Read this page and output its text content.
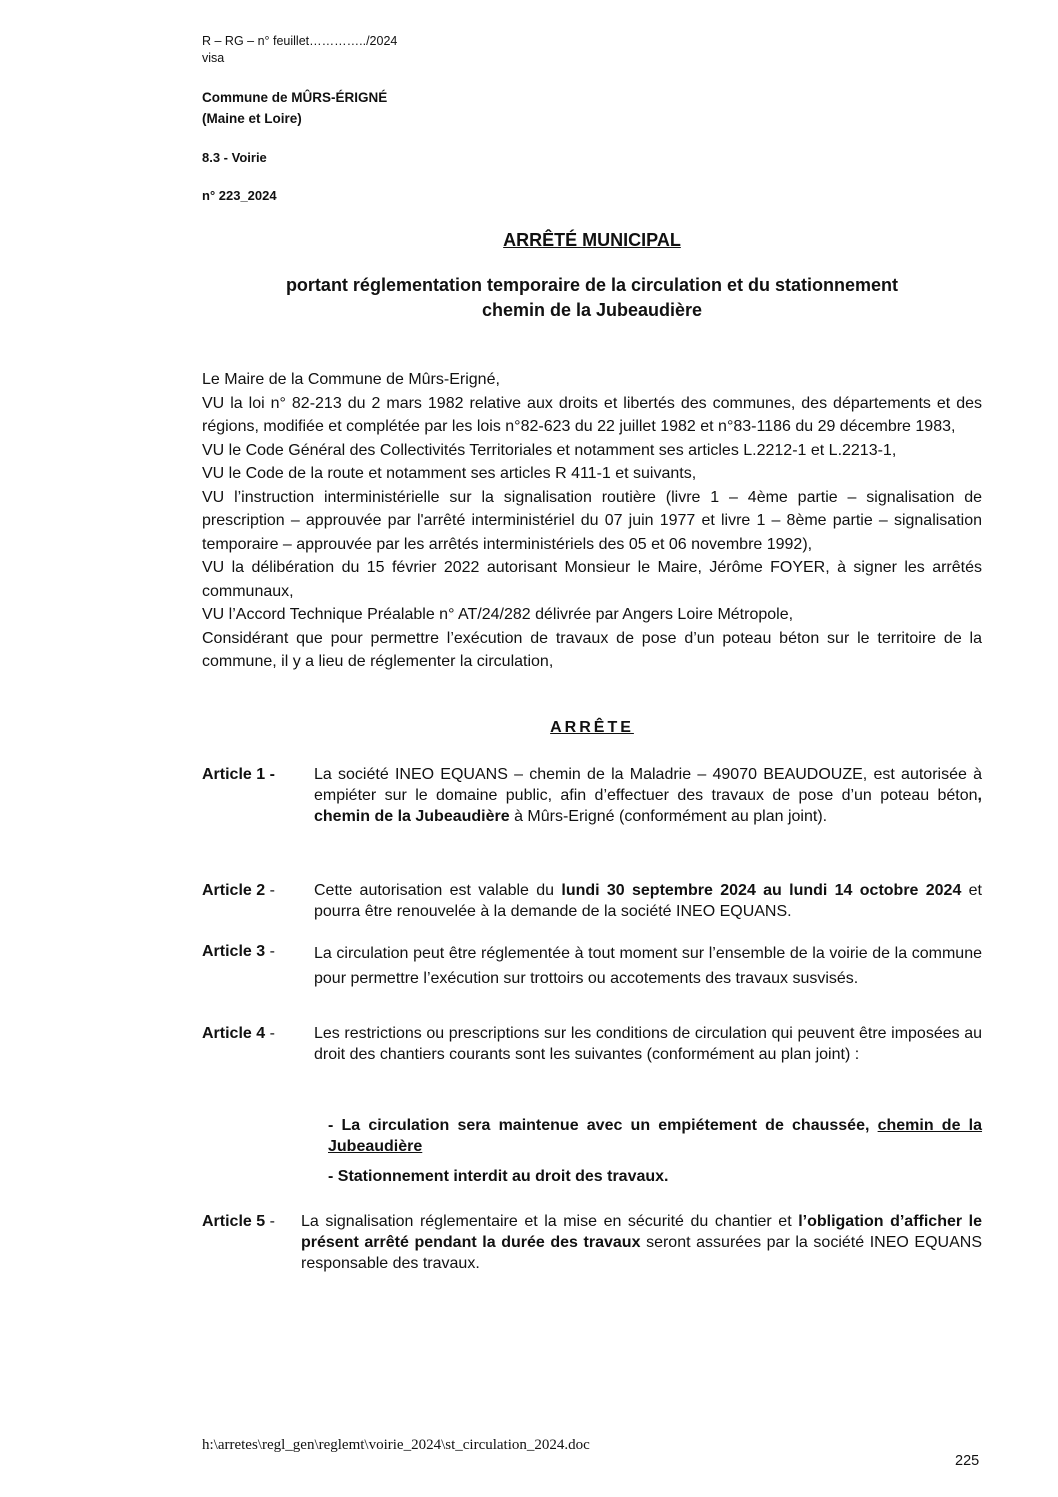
R – RG – n° feuillet…………../2024
visa
Commune de MÛRS-ÉRIGNÉ
(Maine et Loire)
8.3 - Voirie
n° 223_2024
ARRÊTÉ MUNICIPAL
portant réglementation temporaire de la circulation et du stationnement
chemin de la Jubeaudière

Le Maire de la Commune de Mûrs-Erigné,

VU la loi n° 82-213 du 2 mars 1982 relative aux droits et libertés des communes, des départements et des régions, modifiée et complétée par les lois n°82-623 du 22 juillet 1982 et n°83-1186 du 29 décembre 1983,

VU le Code Général des Collectivités Territoriales et notamment ses articles L.2212-1 et L.2213-1,

VU le Code de la route et notamment ses articles R 411-1 et suivants,

VU l’instruction interministérielle sur la signalisation routière (livre 1 – 4ème partie – signalisation de prescription – approuvée par l'arrêté interministériel du 07 juin 1977 et livre 1 – 8ème partie – signalisation temporaire – approuvée par les arrêtés interministériels des 05 et 06 novembre 1992),

VU la délibération du 15 février 2022 autorisant Monsieur le Maire, Jérôme FOYER, à signer les arrêtés communaux,

VU l’Accord Technique Préalable n° AT/24/282 délivrée par Angers Loire Métropole,

Considérant que pour permettre l’exécution de travaux de pose d’un poteau béton sur le territoire de la commune, il y a lieu de réglementer la circulation,

ARRÊTE
Article 1 - La société INEO EQUANS – chemin de la Maladrie – 49070 BEAUDOUZE, est autorisée à empiéter sur le domaine public, afin d’effectuer des travaux de pose d’un poteau béton, chemin de la Jubeaudière à Mûrs-Erigné (conformément au plan joint).

Article 2 - Cette autorisation est valable du lundi 30 septembre 2024 au lundi 14 octobre 2024 et pourra être renouvelée à la demande de la société INEO EQUANS.

Article 3 - La circulation peut être réglementée à tout moment sur l’ensemble de la voirie de la commune pour permettre l’exécution sur trottoirs ou accotements des travaux susvisés.
Article 4 - Les restrictions ou prescriptions sur les conditions de circulation qui peuvent être imposées au droit des chantiers courants sont les suivantes (conformément au plan joint) :

- La circulation sera maintenue avec un empiétement de chaussée, chemin de la Jubeaudière

- Stationnement interdit au droit des travaux.
Article 5 - La signalisation réglementaire et la mise en sécurité du chantier et l’obligation d’afficher le présent arrêté pendant la durée des travaux seront assurées par la société INEO EQUANS responsable des travaux.

h:\arretes\regl_gen\reglemt\voirie_2024\st_circulation_2024.doc
225
